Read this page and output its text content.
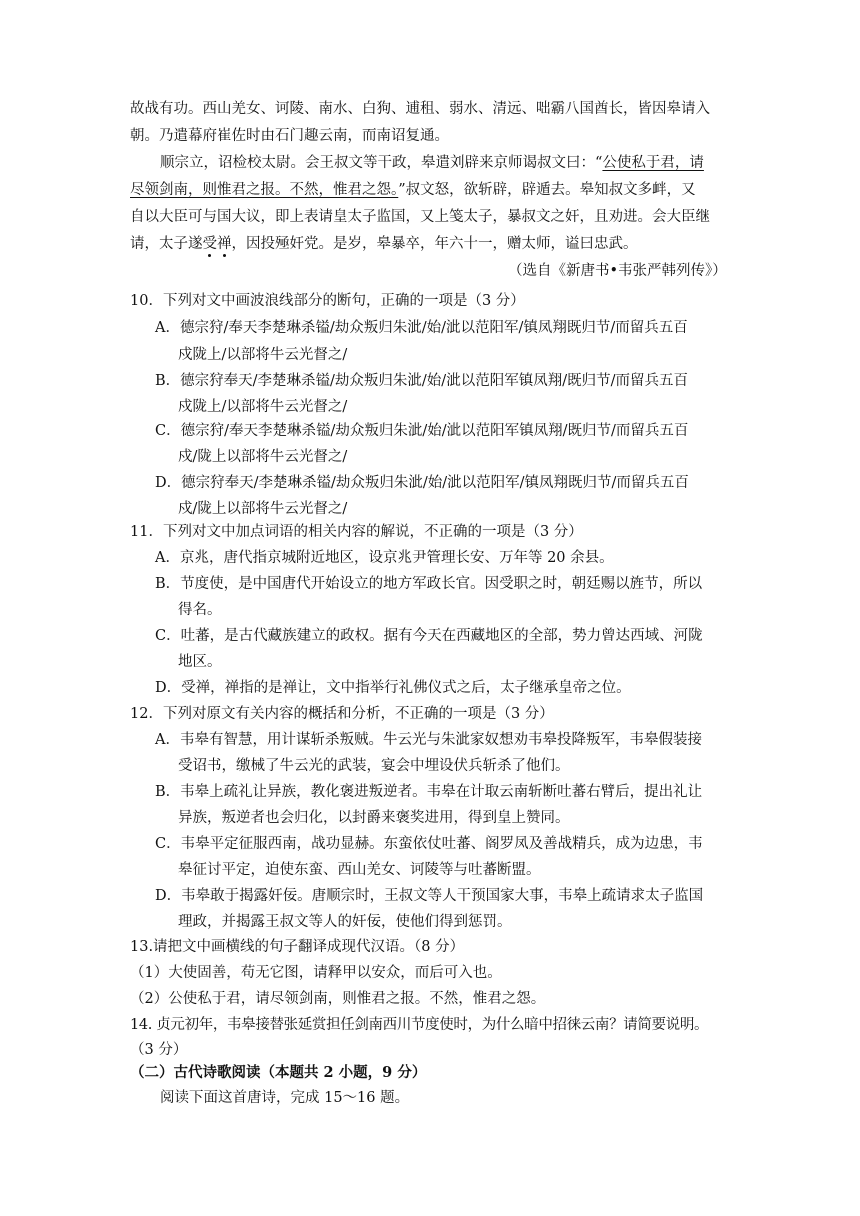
故战有功。西山羌女、诃陵、南水、白狗、逋租、弱水、清远、咄霸八国酋长，皆因皋请入
朝。乃遣幕府崔佐时由石门趣云南，而南诏复通。
顺宗立，诏检校太尉。会王叔文等干政，皋遣刘辟来京师谒叔文曰：“公使私于君，请
尽领剑南，则惟君之报。不然，惟君之怨。”叔文怒，欲斩辟，辟遁去。皋知叔文多衅，又
自以大臣可与国大议，即上表请皇太子监国，又上笺太子，暴叔文之奸，且劝进。会大臣继
请，太子遂受禅，因投殛奸党。是岁，皋暴卒，年六十一，赠太师，谥曰忠武。
（选自《新唐书•韦张严韩列传》）
10．下列对文中画波浪线部分的断句，正确的一项是（3 分）
A．德宗狩/奉天李楚琳杀镒/劫众叛归朱泚/始/泚以范阳军/镇凤翔既归节/而留兵五百
戍陇上/以部将牛云光督之/
B．德宗狩奉天/李楚琳杀镒/劫众叛归朱泚/始/泚以范阳军镇凤翔/既归节/而留兵五百
戍陇上/以部将牛云光督之/
C．德宗狩/奉天李楚琳杀镒/劫众叛归朱泚/始/泚以范阳军镇凤翔/既归节/而留兵五百
戍/陇上以部将牛云光督之/
D．德宗狩奉天/李楚琳杀镒/劫众叛归朱泚/始/泚以范阳军/镇凤翔既归节/而留兵五百
戍/陇上以部将牛云光督之/
11．下列对文中加点词语的相关内容的解说，不正确的一项是（3 分）
A．京兆，唐代指京城附近地区，设京兆尹管理长安、万年等 20 余县。
B．节度使，是中国唐代开始设立的地方军政长官。因受职之时，朝廷赐以旌节，所以
得名。
C．吐蕃，是古代藏族建立的政权。据有今天在西藏地区的全部，势力曾达西域、河陇
地区。
D．受禅，禅指的是禅让，文中指举行礼佛仪式之后，太子继承皇帝之位。
12．下列对原文有关内容的概括和分析，不正确的一项是（3 分）
A．韦皋有智慧，用计谋斩杀叛贼。牛云光与朱泚家奴想劝韦皋投降叛军，韦皋假装接
受诏书，缴械了牛云光的武装，宴会中埋设伏兵斩杀了他们。
B．韦皋上疏礼让异族，教化褒进叛逆者。韦皋在计取云南斩断吐蕃右臂后，提出礼让
异族，叛逆者也会归化，以封爵来褒奖进用，得到皇上赞同。
C．韦皋平定征服西南，战功显赫。东蛮依仗吐蕃、阁罗凤及善战精兵，成为边患，韦
皋征讨平定，迫使东蛮、西山羌女、诃陵等与吐蕃断盟。
D．韦皋敢于揭露奸佞。唐顺宗时，王叔文等人干预国家大事，韦皋上疏请求太子监国
理政，并揭露王叔文等人的奸佞，使他们得到惩罚。
13.请把文中画横线的句子翻译成现代汉语。（8 分）
（1）大使固善，苟无它图，请释甲以安众，而后可入也。
（2）公使私于君，请尽领剑南，则惟君之报。不然，惟君之怨。
14. 贞元初年，韦皋接替张延赏担任剑南西川节度使时，为什么暗中招徕云南？请简要说明。
（3 分）
（二）古代诗歌阅读（本题共 2 小题，9 分）
阅读下面这首唐诗，完成 15～16 题。
